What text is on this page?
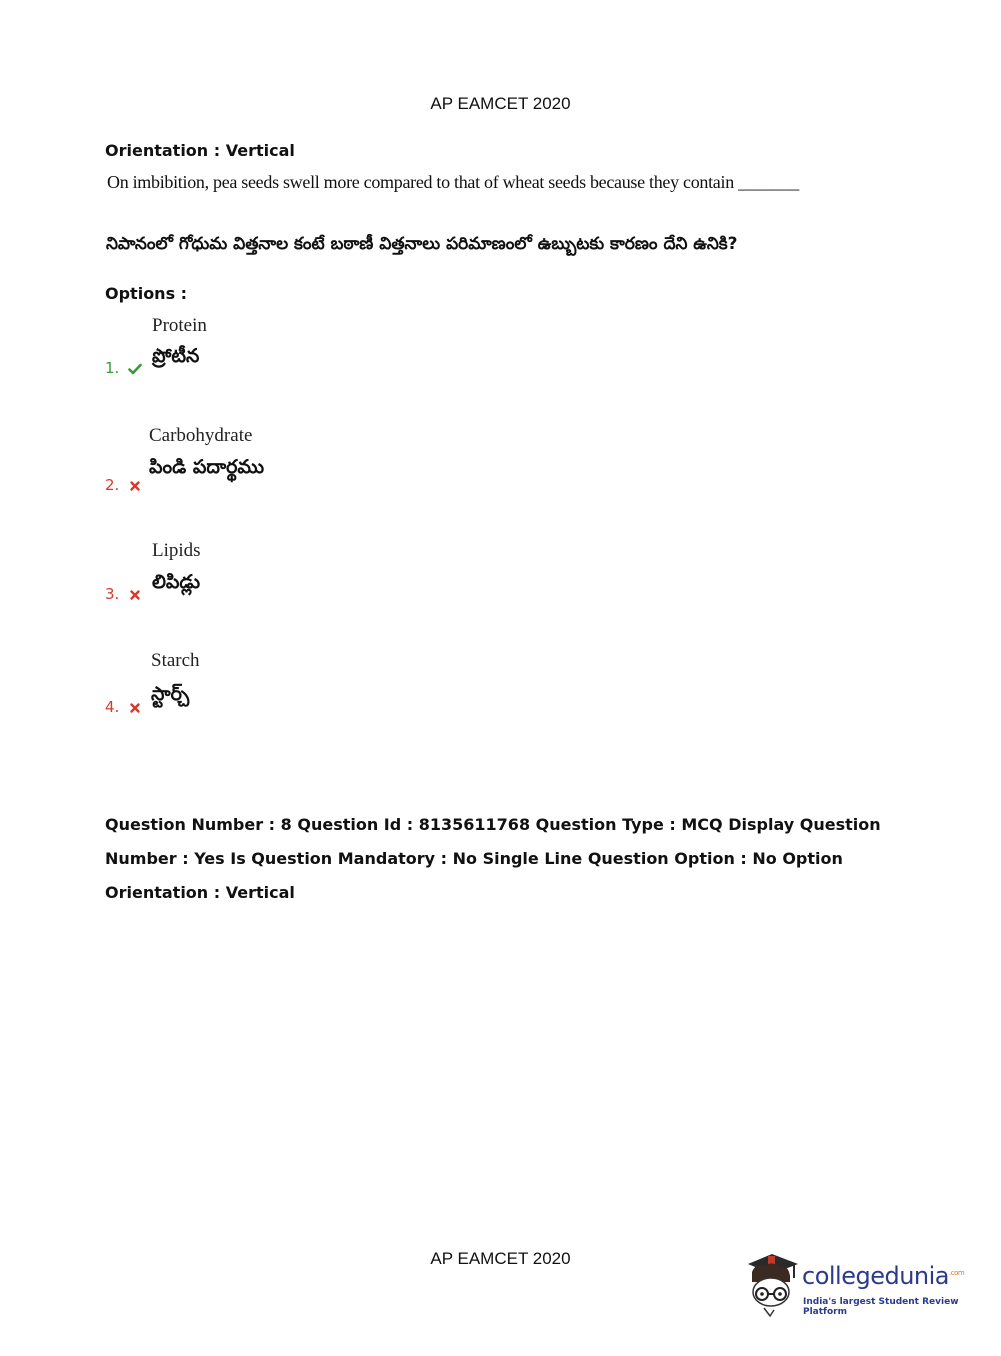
AP EAMCET 2020
Orientation : Vertical
On imbibition, pea seeds swell more compared to that of wheat seeds because they contain _______
నిపానంలో గోధుమ విత్తనాల కంటే బఠాణీ విత్తనాలు పరిమాణంలో ఉబ్బుటకు కారణం దేని ఉనికి?
Options :
Protein
ప్రోటీన
1.
Carbohydrate
పిండి పదార్థము
2.
Lipids
లిపిడ్లు
3.
Starch
స్టార్చ్
4.
Question Number : 8 Question Id : 8135611768 Question Type : MCQ Display Question
Number : Yes Is Question Mandatory : No Single Line Question Option : No Option
Orientation : Vertical
AP EAMCET 2020
collegedunia$^{.com}$
India's largest Student Review Platform
